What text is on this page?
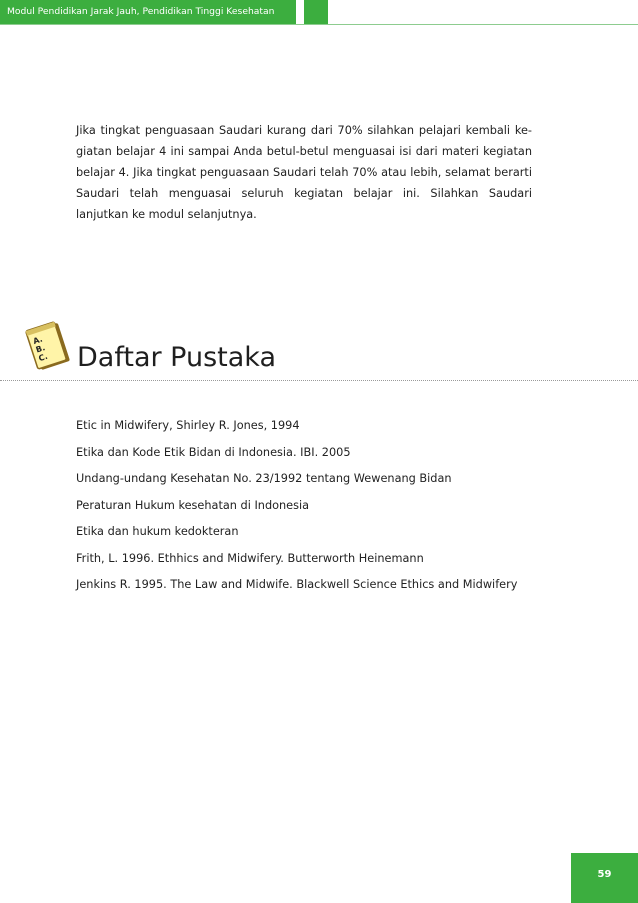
Modul Pendidikan Jarak Jauh, Pendidikan Tinggi Kesehatan

Jika tingkat penguasaan Saudari kurang dari 70% silahkan pelajari kembali ke-giatan belajar 4 ini sampai Anda betul-betul menguasai isi dari materi kegiatan belajar 4. Jika tingkat penguasaan Saudari telah 70% atau lebih, selamat berarti Saudari telah menguasai seluruh kegiatan belajar ini. Silahkan Saudari lanjutkan ke modul selanjutnya.

A.
B.
C. Daftar Pustaka
Etic in Midwifery, Shirley R. Jones, 1994
Etika dan Kode Etik Bidan di Indonesia. IBI. 2005
Undang-undang Kesehatan No. 23/1992 tentang Wewenang Bidan
Peraturan Hukum kesehatan di Indonesia
Etika dan hukum kedokteran
Frith, L. 1996. Ethhics and Midwifery. Butterworth Heinemann
Jenkins R. 1995. The Law and Midwife. Blackwell Science Ethics and Midwifery
59
